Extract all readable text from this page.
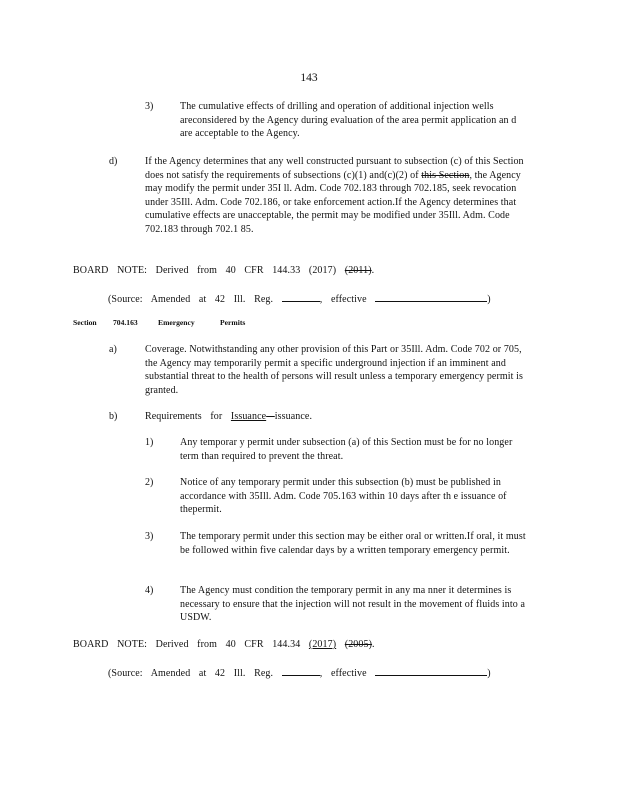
143
3)	The cumulative effects of drilling and operation of additional injection wells areconsidered by the Agency during evaluation of the area permit application an d are acceptable to the Agency.
d)	If the Agency determines that any well constructed pursuant to subsection (c) of this Section does not satisfy the requirements of subsections (c)(1) and(c)(2) of this Section, the Agency may modify the permit under 35I ll. Adm. Code 702.183 through 702.185, seek revocation under 35Ill. Adm. Code 702.186, or take enforcement action.If the Agency determines that cumulative effects are unacceptable, the permit may be modified under 35Ill. Adm. Code 702.183 through 702.1 85.
BOARD NOTE: Derived from 40 CFR 144.33 (2017) (2011).
(Source: Amended at 42 Ill. Reg.	, effective	)
Section 704.163	Emergency	Permits
a)	Coverage. Notwithstanding any other provision of this Part or 35Ill. Adm. Code 702 or 705, the Agency may temporarily permit a specific underground injection if an imminent and substantial threat to the health of persons will result unless a temporary emergency permit is granted.
b)	Requirements for Issuance issuance.
1)	Any temporar y permit under subsection (a) of this Section must be for no longer term than required to prevent the threat.
2)	Notice of any temporary permit under this subsection (b) must be published in accordance with 35Ill. Adm. Code 705.163 within 10 days after th e issuance of thepermit.
3)	The temporary permit under this section may be either oral or written.If oral, it must be followed within five calendar days by a written temporary emergency permit.
4)	The Agency must condition the temporary permit in any ma nner it determines is necessary to ensure that the injection will not result in the movement of fluids into a USDW.
BOARD NOTE: Derived from 40 CFR 144.34 (2017) (2005).
(Source: Amended at 42 Ill. Reg.	, effective	)
